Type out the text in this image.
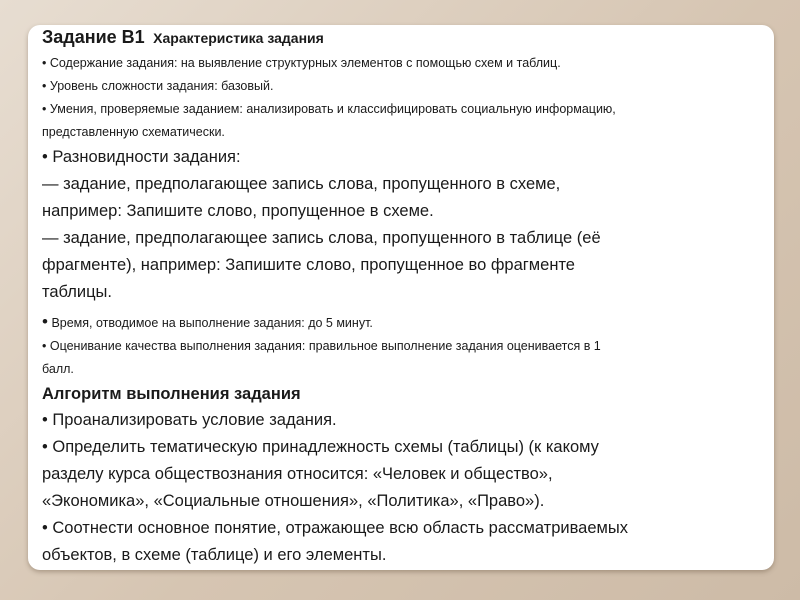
Задание В1 Характеристика задания

• Содержание задания: на выявление структурных элементов с помощью схем и таблиц.

• Уровень сложности задания: базовый.

• Умения, проверяемые заданием: анализировать и классифицировать социальную информацию,

представленную схематически.

• Разновидности задания:

— задание, предполагающее запись слова, пропущенного в схеме,

например: Запишите слово, пропущенное в схеме.

— задание, предполагающее запись слова, пропущенного в таблице (её

фрагменте), например: Запишите слово, пропущенное во фрагменте

таблицы.

• Время, отводимое на выполнение задания: до 5 минут.

• Оценивание качества выполнения задания: правильное выполнение задания оценивается в 1

балл.

Алгоритм выполнения задания

• Проанализировать условие задания.

• Определить тематическую принадлежность схемы (таблицы) (к какому

разделу курса обществознания относится: «Человек и общество»,

«Экономика», «Социальные отношения», «Политика», «Право»).

• Соотнести основное понятие, отражающее всю область рассматриваемых

объектов, в схеме (таблице) и его элементы.
